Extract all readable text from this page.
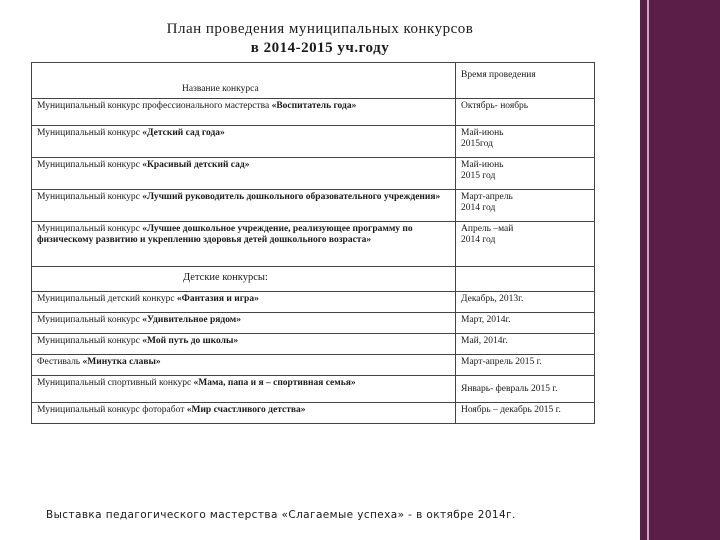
План проведения муниципальных конкурсов
в 2014-2015 уч.году
Название конкурса	Время проведения

Муниципальный конкурс профессионального мастерства «Воспитатель года»	Октябрь- ноябрь
Муниципальный конкурс «Детский сад года»	Май-июнь
2015год
Муниципальный конкурс «Красивый детский сад»	Май-июнь
2015 год
Муниципальный конкурс «Лучший руководитель дошкольного образовательного учреждения»	Март-апрель
2014 год
Муниципальный конкурс «Лучшее дошкольное учреждение, реализующее программу по физическому развитию и укреплению здоровья детей дошкольного возраста»	Апрель –май
2014 год

Детские конкурсы:	

Муниципальный детский конкурс «Фантазия и игра»	Декабрь, 2013г.
Муниципальный конкурс «Удивительное рядом»	Март, 2014г.
Муниципальный конкурс «Мой путь до школы»	Май, 2014г.
Фестиваль «Минутка славы»	Март-апрель 2015 г.
Муниципальный спортивный конкурс «Мама, папа и я – спортивная семья»	Январь- февраль 2015 г.
Муниципальный конкурс фоторабот «Мир счастливого детства»	Ноябрь – декабрь 2015 г.
Выставка педагогического мастерства «Слагаемые успеха» - в октябре 2014г.
